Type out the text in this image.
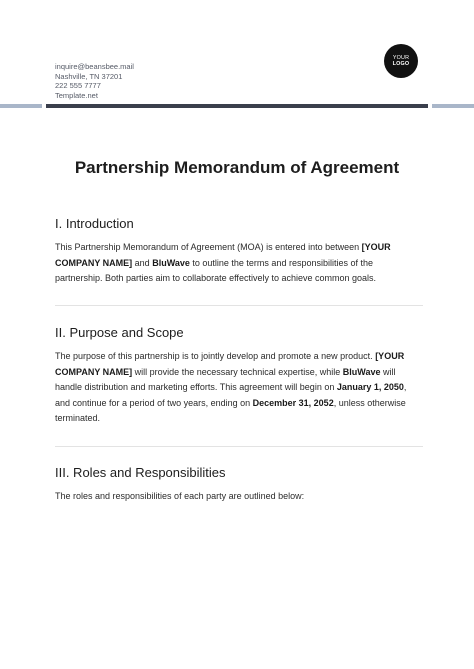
inquire@beansbee.mail
Nashville, TN 37201
222 555 7777
Template.net
YOUR
LOGO
Partnership Memorandum of Agreement
I. Introduction

This Partnership Memorandum of Agreement (MOA) is entered into between [YOUR COMPANY NAME] and BluWave to outline the terms and responsibilities of the partnership. Both parties aim to collaborate effectively to achieve common goals.

II. Purpose and Scope

The purpose of this partnership is to jointly develop and promote a new product. [YOUR COMPANY NAME] will provide the necessary technical expertise, while BluWave will handle distribution and marketing efforts. This agreement will begin on January 1, 2050, and continue for a period of two years, ending on December 31, 2052, unless otherwise terminated.

III. Roles and Responsibilities

The roles and responsibilities of each party are outlined below:
